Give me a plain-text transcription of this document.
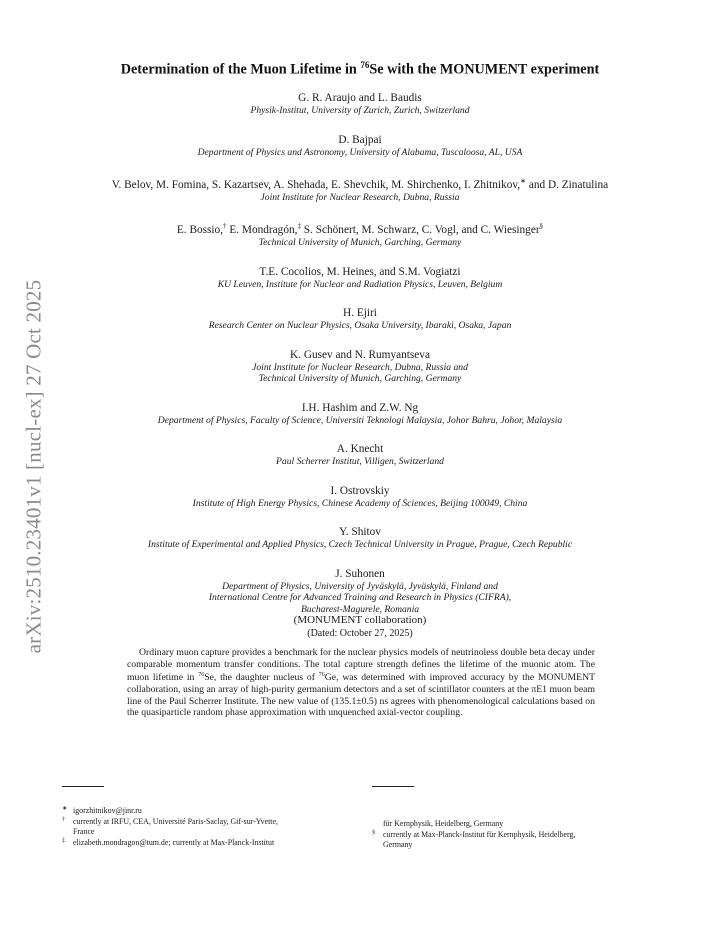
arXiv:2510.23401v1 [nucl-ex] 27 Oct 2025
Determination of the Muon Lifetime in $^{76}$Se with the MONUMENT experiment
G. R. Araujo and L. Baudis
Physik-Institut, University of Zurich, Zurich, Switzerland
D. Bajpai
Department of Physics and Astronomy, University of Alabama, Tuscaloosa, AL, USA
V. Belov, M. Fomina, S. Kazartsev, A. Shehada, E. Shevchik, M. Shirchenko, I. Zhitnikov,∗ and D. Zinatulina
Joint Institute for Nuclear Research, Dubna, Russia
E. Bossio,† E. Mondragón,‡ S. Schönert, M. Schwarz, C. Vogl, and C. Wiesinger§
Technical University of Munich, Garching, Germany
T.E. Cocolios, M. Heines, and S.M. Vogiatzi
KU Leuven, Institute for Nuclear and Radiation Physics, Leuven, Belgium
H. Ejiri
Research Center on Nuclear Physics, Osaka University, Ibaraki, Osaka, Japan
K. Gusev and N. Rumyantseva
Joint Institute for Nuclear Research, Dubna, Russia and
Technical University of Munich, Garching, Germany
I.H. Hashim and Z.W. Ng
Department of Physics, Faculty of Science, Universiti Teknologi Malaysia, Johor Bahru, Johor, Malaysia
A. Knecht
Paul Scherrer Institut, Villigen, Switzerland
I. Ostrovskiy
Institute of High Energy Physics, Chinese Academy of Sciences, Beijing 100049, China
Y. Shitov
Institute of Experimental and Applied Physics, Czech Technical University in Prague, Prague, Czech Republic
J. Suhonen
Department of Physics, University of Jyväskylä, Jyväskylä, Finland and
International Centre for Advanced Training and Research in Physics (CIFRA),
Bucharest-Magurele, Romania
(MONUMENT collaboration)
(Dated: October 27, 2025)
Ordinary muon capture provides a benchmark for the nuclear physics models of neutrinoless double beta decay under comparable momentum transfer conditions. The total capture strength defines the lifetime of the muonic atom. The muon lifetime in $^{76}$Se, the daughter nucleus of $^{76}$Ge, was determined with improved accuracy by the MONUMENT collaboration, using an array of high-purity germanium detectors and a set of scintillator counters at the πE1 muon beam line of the Paul Scherrer Institute. The new value of (135.1±0.5) ns agrees with phenomenological calculations based on the quasiparticle random phase approximation with unquenched axial-vector coupling.

∗ igorzhitnikov@jinr.ru

† currently at IRFU, CEA, Université Paris-Saclay, Gif-sur-Yvette,

France

‡ elizabeth.mondragon@tum.de; currently at Max-Planck-Institut

für Kernphysik, Heidelberg, Germany

§ currently at Max-Planck-Institut für Kernphysik, Heidelberg,

Germany
